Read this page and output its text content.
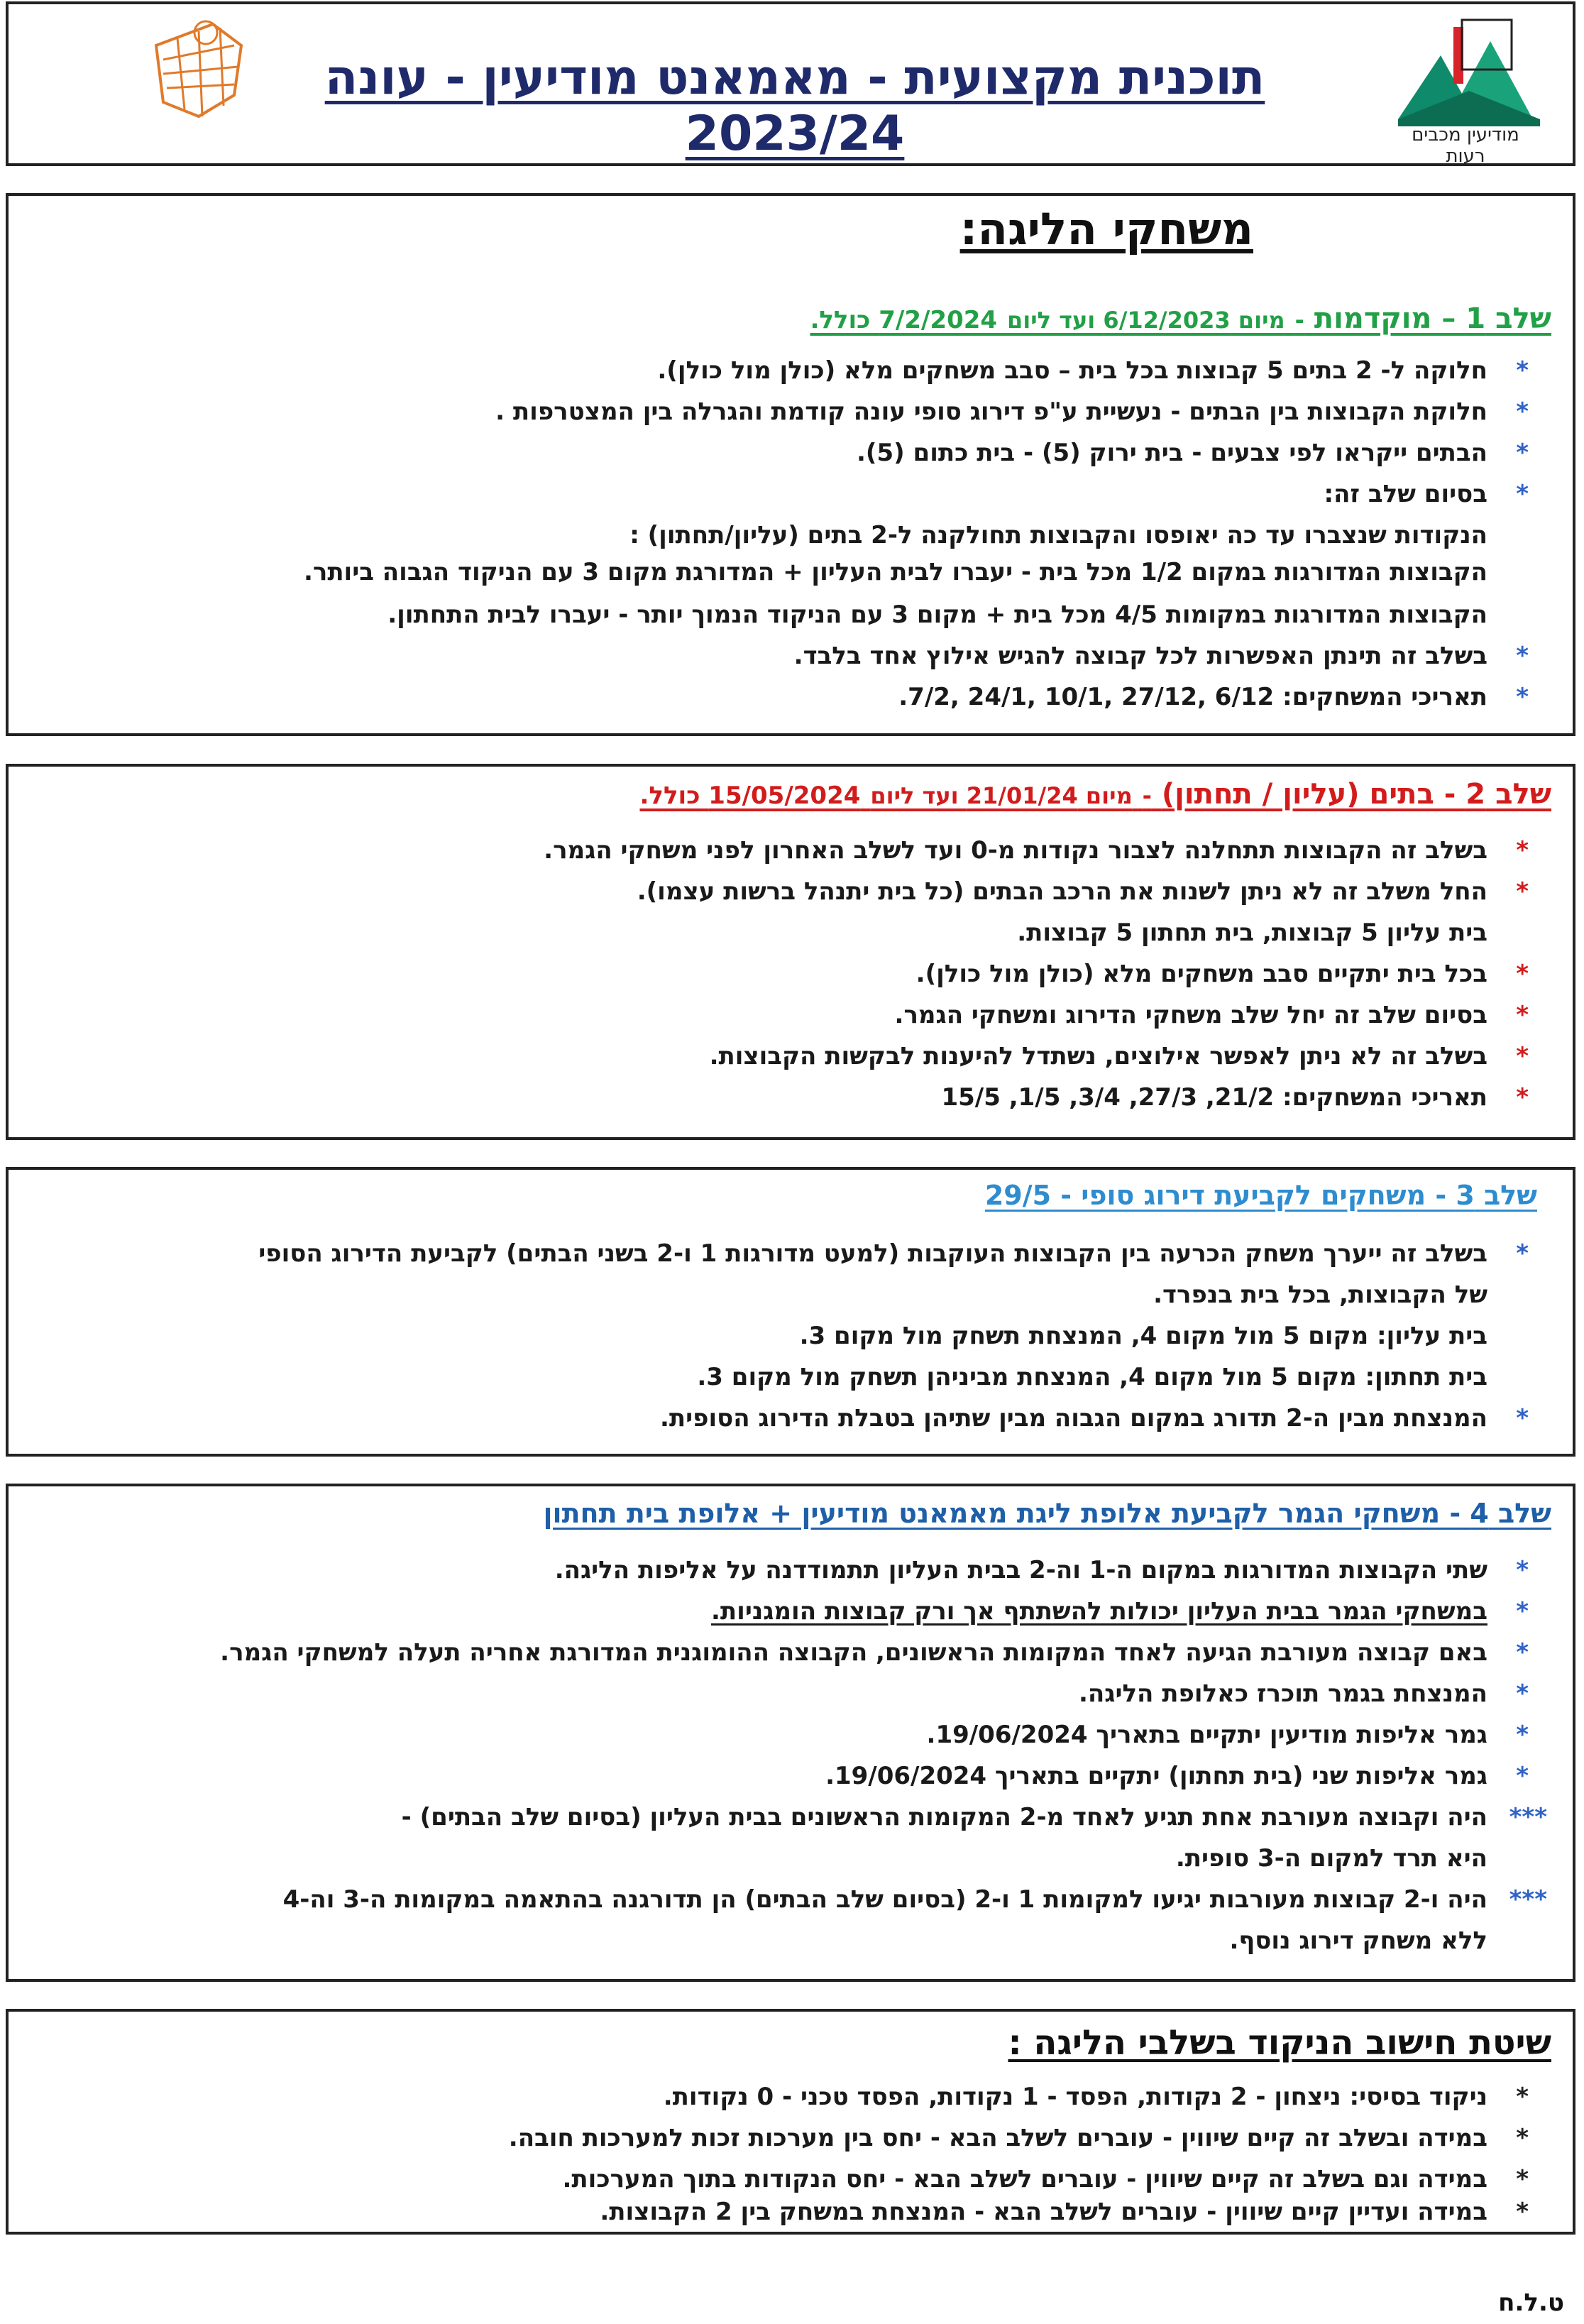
מודיעין מכבים רעות
תוכנית מקצועית - מאמאנט מודיעין - עונה 2023/24
משחקי הליגה:
שלב 1 – מוקדמות - מיום 6/12/2023 ועד ליום 7/2/2024 כולל.
*
חלוקה ל- 2 בתים 5 קבוצות בכל בית – סבב משחקים מלא (כולן מול כולן).
*
חלוקת הקבוצות בין הבתים - נעשיית ע"פ דירוג סופי עונה קודמת והגרלה בין המצטרפות .
*
הבתים ייקראו לפי צבעים - בית ירוק (5) - בית כתום (5).
*
בסיום שלב זה:
הנקודות שנצברו עד כה יאופסו והקבוצות תחולקנה ל-2 בתים (עליון/תחתון) :
הקבוצות המדורגות במקום 1/2 מכל בית - יעברו לבית העליון + המדורגת מקום 3 עם הניקוד הגבוה ביותר.
הקבוצות המדורגות במקומות 4/5 מכל בית + מקום 3 עם הניקוד הנמוך יותר - יעברו לבית התחתון.
*
בשלב זה תינתן האפשרות לכל קבוצה להגיש אילוץ אחד בלבד.
*
תאריכי המשחקים: 6/12 ,27/12 ,10/1 ,24/1 ,7/2.
שלב 2 - בתים (עליון / תחתון) - מיום 21/01/24 ועד ליום 15/05/2024 כולל.
*
בשלב זה הקבוצות תתחלנה לצבור נקודות מ-0 ועד לשלב האחרון לפני משחקי הגמר.
*
החל משלב זה לא ניתן לשנות את הרכב הבתים (כל בית יתנהל ברשות עצמו).
בית עליון 5 קבוצות, בית תחתון 5 קבוצות.
*
בכל בית יתקיים סבב משחקים מלא (כולן מול כולן).
*
בסיום שלב זה יחל שלב משחקי הדירוג ומשחקי הגמר.
*
בשלב זה לא ניתן לאפשר אילוצים, נשתדל להיענות לבקשות הקבוצות.
*
תאריכי המשחקים: 21/2, 27/3, 3/4, 1/5, 15/5
שלב 3 - משחקים לקביעת דירוג סופי - 29/5
*
בשלב זה ייערך משחק הכרעה בין הקבוצות העוקבות (למעט מדורגות 1 ו-2 בשני הבתים) לקביעת הדירוג הסופי
של הקבוצות, בכל בית בנפרד.
בית עליון: מקום 5 מול מקום 4, המנצחת תשחק מול מקום 3.
בית תחתון: מקום 5 מול מקום 4, המנצחת מביניהן תשחק מול מקום 3.
*
המנצחת מבין ה-2 תדורג במקום הגבוה מבין שתיהן בטבלת הדירוג הסופית.
שלב 4 - משחקי הגמר לקביעת אלופת ליגת מאמאנט מודיעין + אלופת בית תחתון
*
שתי הקבוצות המדורגות במקום ה-1 וה-2 בבית העליון תתמודדנה על אליפות הליגה.
*
במשחקי הגמר בבית העליון יכולות להשתתף אך ורק קבוצות הומגניות.
*
באם קבוצה מעורבת הגיעה לאחד המקומות הראשונים, הקבוצה ההומוגנית המדורגת אחריה תעלה למשחקי הגמר.
*
המנצחת בגמר תוכרז כאלופת הליגה.
*
גמר אליפות מודיעין יתקיים בתאריך 19/06/2024.
*
גמר אליפות שני (בית תחתון) יתקיים בתאריך 19/06/2024.
***
היה וקבוצה מעורבת אחת תגיע לאחד מ-2 המקומות הראשונים בבית העליון (בסיום שלב הבתים) -
היא תרד למקום ה-3 סופית.
***
היה ו-2 קבוצות מעורבות יגיעו למקומות 1 ו-2 (בסיום שלב הבתים) הן תדורגנה בהתאמה במקומות ה-3 וה-4
ללא משחק דירוג נוסף.
שיטת חישוב הניקוד בשלבי הליגה :
*
ניקוד בסיסי: ניצחון - 2 נקודות, הפסד - 1 נקודות, הפסד טכני - 0 נקודות.
*
במידה ובשלב זה קיים שיווין - עוברים לשלב הבא - יחס בין מערכות זכות למערכות חובה.
*
במידה וגם בשלב זה קיים שיווין - עוברים לשלב הבא - יחס הנקודות בתוך המערכות.
*
במידה ועדיין קיים שיווין - עוברים לשלב הבא - המנצחת במשחק בין 2 הקבוצות.
ט.ל.ח
